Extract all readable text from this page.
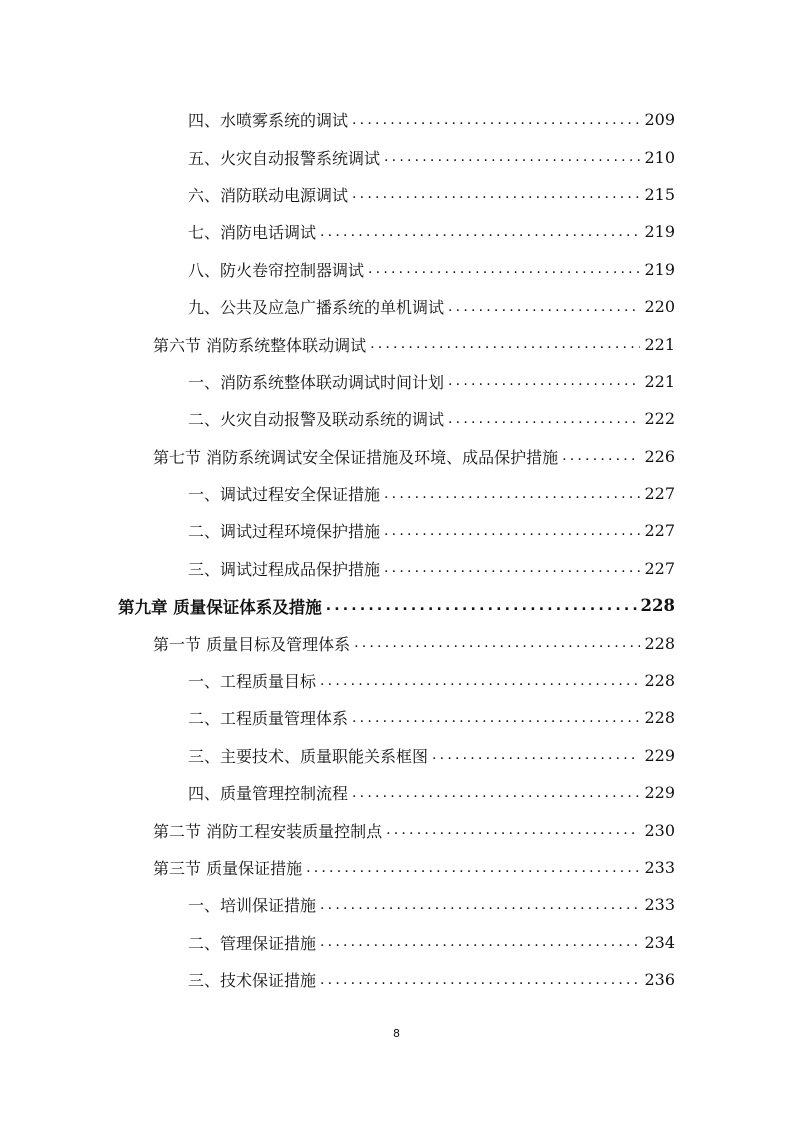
四、水喷雾系统的调试 .....	209
五、火灾自动报警系统调试 .....	210
六、消防联动电源调试 .....	215
七、消防电话调试 .....	219
八、防火卷帘控制器调试 .....	219
九、公共及应急广播系统的单机调试 .....	220
第六节 消防系统整体联动调试 .....	221
一、消防系统整体联动调试时间计划 .....	221
二、火灾自动报警及联动系统的调试 .....	222
第七节 消防系统调试安全保证措施及环境、成品保护措施 .....	226
一、调试过程安全保证措施 .....	227
二、调试过程环境保护措施 .....	227
三、调试过程成品保护措施 .....	227
第九章 质量保证体系及措施 .....	228
第一节 质量目标及管理体系 .....	228
一、工程质量目标 .....	228
二、工程质量管理体系 .....	228
三、主要技术、质量职能关系框图 .....	229
四、质量管理控制流程 .....	229
第二节 消防工程安装质量控制点 .....	230
第三节 质量保证措施 .....	233
一、培训保证措施 .....	233
二、管理保证措施 .....	234
三、技术保证措施 .....	236
8
